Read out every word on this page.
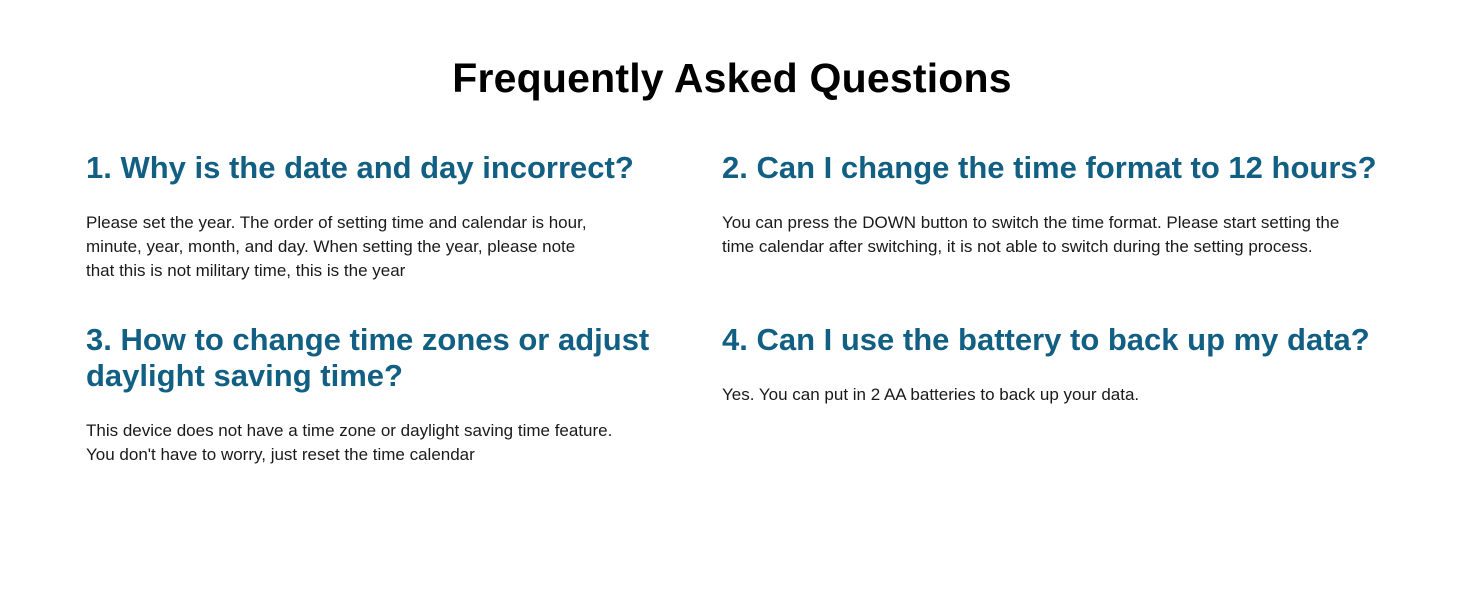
Frequently Asked Questions
1. Why is the date and day incorrect?

Please set the year. The order of setting time and calendar is hour,
minute, year, month, and day. When setting the year, please note
that this is not military time, this is the year

2. Can I change the time format to 12 hours?

You can press the DOWN button to switch the time format. Please start setting the
time calendar after switching, it is not able to switch during the setting process.

3. How to change time zones or adjust
daylight saving time?

This device does not have a time zone or daylight saving time feature.
You don't have to worry, just reset the time calendar

4. Can I use the battery to back up my data?

Yes. You can put in 2 AA batteries to back up your data.
